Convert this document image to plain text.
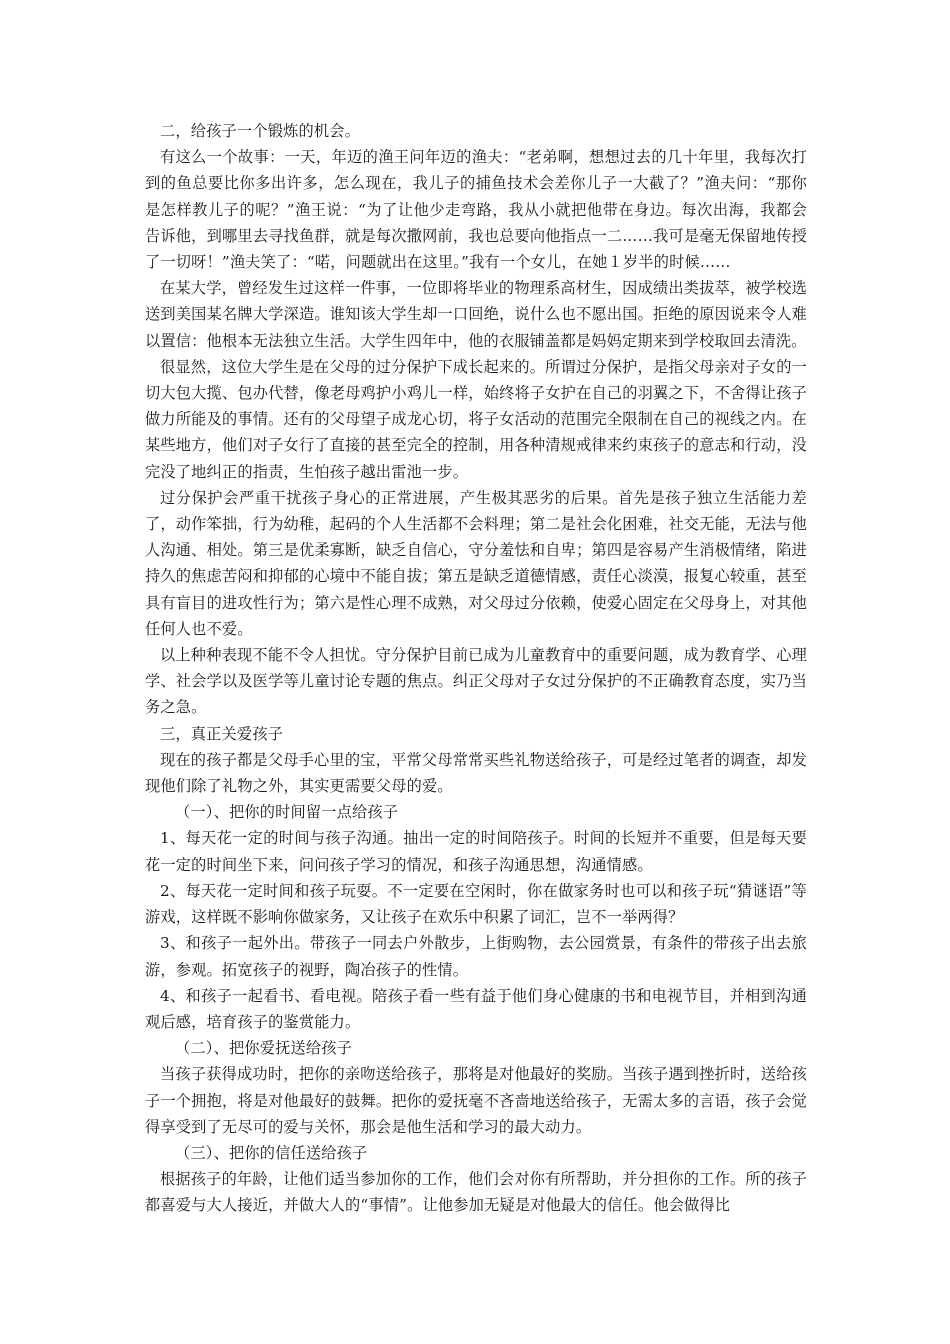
二，给孩子一个锻炼的机会。

有这么一个故事：一天，年迈的渔王问年迈的渔夫：“老弟啊，想想过去的几十年里，我每次打到的鱼总要比你多出许多，怎么现在，我儿子的捕鱼技术会差你儿子一大截了？”渔夫问：“那你是怎样教儿子的呢？”渔王说：“为了让他少走弯路，我从小就把他带在身边。每次出海，我都会告诉他，到哪里去寻找鱼群，就是每次撒网前，我也总要向他指点一二……我可是毫无保留地传授了一切呀！”渔夫笑了：“喏，问题就出在这里。”我有一个女儿，在她１岁半的时候……

在某大学，曾经发生过这样一件事，一位即将毕业的物理系高材生，因成绩出类拔萃，被学校选送到美国某名牌大学深造。谁知该大学生却一口回绝，说什么也不愿出国。拒绝的原因说来令人难以置信：他根本无法独立生活。大学生四年中，他的衣服铺盖都是妈妈定期来到学校取回去清洗。

很显然，这位大学生是在父母的过分保护下成长起来的。所谓过分保护，是指父母亲对子女的一切大包大揽、包办代替，像老母鸡护小鸡儿一样，始终将子女护在自己的羽翼之下，不舍得让孩子做力所能及的事情。还有的父母望子成龙心切，将子女活动的范围完全限制在自己的视线之内。在某些地方，他们对子女行了直接的甚至完全的控制，用各种清规戒律来约束孩子的意志和行动，没完没了地纠正的指责，生怕孩子越出雷池一步。

过分保护会严重干扰孩子身心的正常进展，产生极其恶劣的后果。首先是孩子独立生活能力差了，动作笨拙，行为幼稚，起码的个人生活都不会料理；第二是社会化困难，社交无能，无法与他人沟通、相处。第三是优柔寡断，缺乏自信心，守分羞怯和自卑；第四是容易产生消极情绪，陷进持久的焦虑苦闷和抑郁的心境中不能自拔；第五是缺乏道德情感，责任心淡漠，报复心较重，甚至具有盲目的进攻性行为；第六是性心理不成熟，对父母过分依赖，使爱心固定在父母身上，对其他任何人也不爱。

以上种种表现不能不令人担忧。守分保护目前已成为儿童教育中的重要问题，成为教育学、心理学、社会学以及医学等儿童讨论专题的焦点。纠正父母对子女过分保护的不正确教育态度，实乃当务之急。

三，真正关爱孩子

现在的孩子都是父母手心里的宝，平常父母常常买些礼物送给孩子，可是经过笔者的调查，却发现他们除了礼物之外，其实更需要父母的爱。

（一）、把你的时间留一点给孩子

1、每天花一定的时间与孩子沟通。抽出一定的时间陪孩子。时间的长短并不重要，但是每天要花一定的时间坐下来，问问孩子学习的情况，和孩子沟通思想，沟通情感。

2、每天花一定时间和孩子玩耍。不一定要在空闲时，你在做家务时也可以和孩子玩“猜谜语”等游戏，这样既不影响你做家务，又让孩子在欢乐中积累了词汇，岂不一举两得？

3、和孩子一起外出。带孩子一同去户外散步，上街购物，去公园赏景，有条件的带孩子出去旅游，参观。拓宽孩子的视野，陶冶孩子的性情。

4、和孩子一起看书、看电视。陪孩子看一些有益于他们身心健康的书和电视节目，并相到沟通观后感，培育孩子的鉴赏能力。

（二）、把你爱抚送给孩子

当孩子获得成功时，把你的亲吻送给孩子，那将是对他最好的奖励。当孩子遇到挫折时，送给孩子一个拥抱，将是对他最好的鼓舞。把你的爱抚毫不吝啬地送给孩子，无需太多的言语，孩子会觉得享受到了无尽可的爱与关怀，那会是他生活和学习的最大动力。

（三）、把你的信任送给孩子

根据孩子的年龄，让他们适当参加你的工作，他们会对你有所帮助，并分担你的工作。所的孩子都喜爱与大人接近，并做大人的“事情”。让他参加无疑是对他最大的信任。他会做得比
